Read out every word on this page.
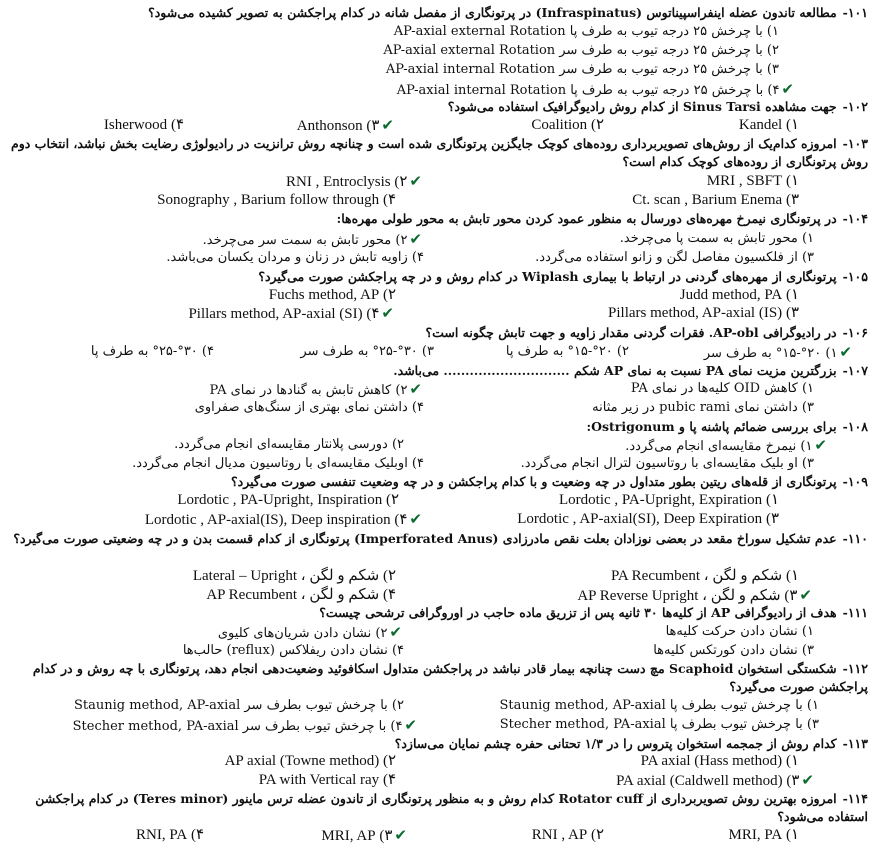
۱۰۱-مطالعه تاندون عضله اینفراسپیناتوس (Infraspinatus) در پرتونگاری از مفصل شانه در کدام پراجکشن به تصویر کشیده می‌شود؟
۱) با چرخش ۲۵ درجه تیوب به طرف پا AP-axial external Rotation
۲) با چرخش ۲۵ درجه تیوب به طرف سر AP-axial external Rotation
۳) با چرخش ۲۵ درجه تیوب به طرف سر AP-axial internal Rotation
✔۴) با چرخش ۲۵ درجه تیوب به طرف پا AP-axial internal Rotation
۱۰۲-جهت مشاهده Sinus Tarsi از کدام روش رادیوگرافیک استفاده می‌شود؟
۱) Kandel
۲) Coalition
✔۳) Anthonson
۴) Isherwood
۱۰۳-امروزه کدام‌یک از روش‌های تصویربرداری روده‌های کوچک جایگزین پرتونگاری شده است و چنانچه روش ترانزیت در رادیولوژی رضایت بخش نباشد، انتخاب دوم روش پرتونگاری از روده‌های کوچک کدام است؟
۱) MRI , SBFT
✔۲) RNI , Entroclysis
۳) Ct. scan , Barium Enema
۴) Sonography , Barium follow through
۱۰۴-در پرتونگاری نیمرخ مهره‌های دورسال به منظور عمود کردن محور تابش به محور طولی مهره‌ها:
۱) محور تابش به سمت پا می‌چرخد.
✔۲) محور تابش به سمت سر می‌چرخد.
۳) از فلکسیون مفاصل لگن و زانو استفاده می‌گردد.
۴) زاویه تابش در زنان و مردان یکسان می‌باشد.
۱۰۵-پرتونگاری از مهره‌های گردنی در ارتباط با بیماری Wiplash در کدام روش و در چه پراجکشن صورت می‌گیرد؟
۱) Judd method, PA
۲) Fuchs method, AP
۳) Pillars method, AP-axial (IS)
✔۴) Pillars method, AP-axial (SI)
۱۰۶-در رادیوگرافی AP-obl. فقرات گردنی مقدار زاویه و جهت تابش چگونه است؟
✔۱) °۲۰-°۱۵ به طرف سر
۲) °۲۰-°۱۵ به طرف پا
۳) °۳۰-°۲۵ به طرف سر
۴) °۳۰-°۲۵ به طرف پا
۱۰۷-بزرگترین مزیت نمای PA نسبت به نمای AP شکم ............................. می‌باشد.
۱) کاهش OID کلیه‌ها در نمای PA
✔۲) کاهش تابش به گنادها در نمای PA
۳) داشتن نمای pubic rami در زیر مثانه
۴) داشتن نمای بهتری از سنگ‌های صفراوی
۱۰۸-برای بررسی ضمائم پاشنه پا و Ostrigonum:
✔۱) نیمرخ مقایسه‌ای انجام می‌گردد.
۲) دورسی پلانتار مقایسه‌ای انجام می‌گردد.
۳) او بلیک مقایسه‌ای با روتاسیون لترال انجام می‌گردد.
۴) اوبلیک مقایسه‌ای با روتاسیون مدیال انجام می‌گردد.
۱۰۹-پرتونگاری از قله‌های ریتین بطور متداول در چه وضعیت و با کدام پراجکشن و در چه وضعیت تنفسی صورت می‌گیرد؟
۱) Lordotic , PA-Upright, Expiration
۲) Lordotic , PA-Upright, Inspiration
۳) Lordotic , AP-axial(SI), Deep Expiration
✔۴) Lordotic , AP-axial(IS), Deep inspiration
۱۱۰-عدم تشکیل سوراخ مقعد در بعضی نوزادان بعلت نقص مادرزادی (Imperforated Anus) پرتونگاری از کدام قسمت بدن و در چه وضعیتی صورت می‌گیرد؟
۱) شکم و لگن ، PA Recumbent
۲) شکم و لگن ، Lateral – Upright
✔۳) شکم و لگن ، AP Reverse Upright
۴) شکم و لگن ، AP Recumbent
۱۱۱-هدف از رادیوگرافی AP از کلیه‌ها ۳۰ ثانیه پس از تزریق ماده حاجب در اوروگرافی ترشحی چیست؟
۱) نشان دادن حرکت کلیه‌ها
✔۲) نشان دادن شریان‌های کلیوی
۳) نشان دادن کورتکس کلیه‌ها
۴) نشان دادن ریفلاکس (reflux) حالب‌ها
۱۱۲-شکستگی استخوان Scaphoid مچ دست چنانچه بیمار قادر نباشد در پراجکشن متداول اسکافوئید وضعیت‌دهی انجام دهد، پرتونگاری با چه روش و در کدام پراجکشن صورت می‌گیرد؟
۱) با چرخش تیوب بطرف پا Staunig method, AP-axial
۲) با چرخش تیوب بطرف سر Staunig method, AP-axial
۳) با چرخش تیوب بطرف پا Stecher method, PA-axial
✔۴) با چرخش تیوب بطرف سر Stecher method, PA-axial
۱۱۳-کدام روش از جمجمه استخوان پتروس را در ۱/۳ تحتانی حفره چشم نمایان می‌سازد؟
۱) PA axial (Hass method)
۲) AP axial (Towne method)
✔۳) PA axial (Caldwell method)
۴) PA with Vertical ray
۱۱۴-امروزه بهترین روش تصویربرداری از Rotator cuff کدام روش و به منظور پرتونگاری از تاندون عضله ترس ماینور (Teres minor) در کدام پراجکشن استفاده می‌شود؟
۱) MRI, PA
۲) RNI , AP
✔۳) MRI, AP
۴) RNI, PA
